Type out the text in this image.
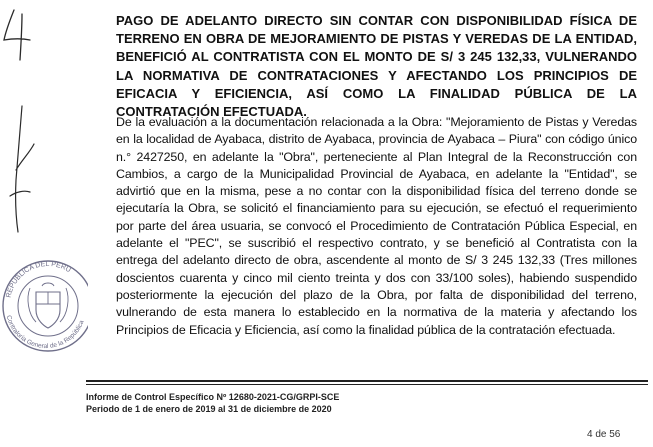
REPÚBLICA DEL PERÚ
Contraloría General de la República

PAGO DE ADELANTO DIRECTO SIN CONTAR CON DISPONIBILIDAD FÍSICA DE TERRENO EN OBRA DE MEJORAMIENTO DE PISTAS Y VEREDAS DE LA ENTIDAD, BENEFICIÓ AL CONTRATISTA CON EL MONTO DE S/ 3 245 132,33, VULNERANDO LA NORMATIVA DE CONTRATACIONES Y AFECTANDO LOS PRINCIPIOS DE EFICACIA Y EFICIENCIA, ASÍ COMO LA FINALIDAD PÚBLICA DE LA CONTRATACIÓN EFECTUADA.

De la evaluación a la documentación relacionada a la Obra: "Mejoramiento de Pistas y Veredas en la localidad de Ayabaca, distrito de Ayabaca, provincia de Ayabaca – Piura" con código único n.° 2427250, en adelante la "Obra", perteneciente al Plan Integral de la Reconstrucción con Cambios, a cargo de la Municipalidad Provincial de Ayabaca, en adelante la "Entidad", se advirtió que en la misma, pese a no contar con la disponibilidad física del terreno donde se ejecutaría la Obra, se solicitó el financiamiento para su ejecución, se efectuó el requerimiento por parte del área usuaria, se convocó el Procedimiento de Contratación Pública Especial, en adelante el "PEC", se suscribió el respectivo contrato, y se benefició al Contratista con la entrega del adelanto directo de obra, ascendente al monto de S/ 3 245 132,33 (Tres millones doscientos cuarenta y cinco mil ciento treinta y dos con 33/100 soles), habiendo suspendido posteriormente la ejecución del plazo de la Obra, por falta de disponibilidad del terreno, vulnerando de esta manera lo establecido en la normativa de la materia y afectando los Principios de Eficacia y Eficiencia, así como la finalidad pública de la contratación efectuada.

Informe de Control Específico Nº 12680-2021-CG/GRPI-SCE
Periodo de 1 de enero de 2019 al 31 de diciembre de 2020
4 de 56
